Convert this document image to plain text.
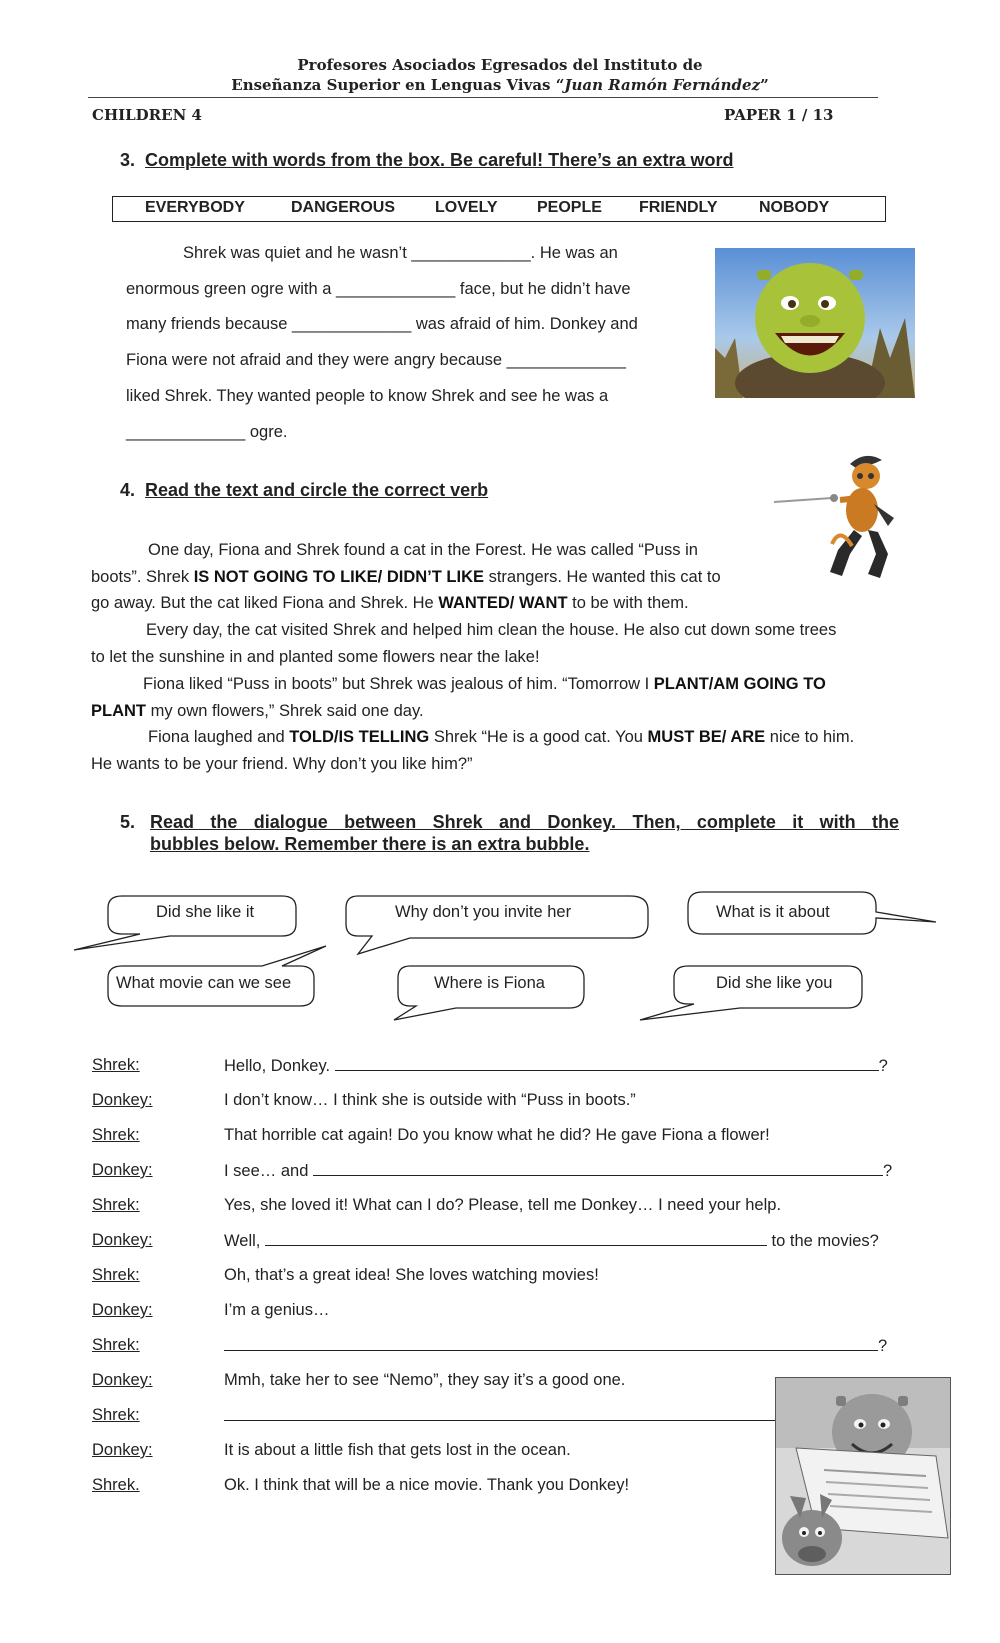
Profesores Asociados Egresados del Instituto de
Enseñanza Superior en Lenguas Vivas “Juan Ramón Fernández”
CHILDREN 4	PAPER 1 / 13
3. Complete with words from the box. Be careful! There’s an extra word
EVERYBODY	DANGEROUS LOVELY PEOPLE FRIENDLY	NOBODY
Shrek was quiet and he wasn’t _____________. He was an
enormous green ogre with a _____________ face, but he didn’t have
many friends because _____________ was afraid of him. Donkey and
Fiona were not afraid and they were angry because _____________
liked Shrek. They wanted people to know Shrek and see he was a
_____________ ogre.
4. Read the text and circle the correct verb
One day, Fiona and Shrek found a cat in the Forest. He was called “Puss in
boots”. Shrek IS NOT GOING TO LIKE/ DIDN’T LIKE strangers. He wanted this cat to
go away. But the cat liked Fiona and Shrek. He WANTED/ WANT to be with them.
Every day, the cat visited Shrek and helped him clean the house. He also cut down some trees
to let the sunshine in and planted some flowers near the lake!
Fiona liked “Puss in boots” but Shrek was jealous of him. “Tomorrow I PLANT/AM GOING TO
PLANT my own flowers,” Shrek said one day.
Fiona laughed and TOLD/IS TELLING Shrek “He is a good cat. You MUST BE/ ARE nice to him.
He wants to be your friend. Why don’t you like him?”
5. Read the dialogue between Shrek and Donkey. Then, complete it with the
bubbles below. Remember there is an extra bubble.
Did she like it	Why don’t you invite her	What is it about
What movie can we see	Where is Fiona	Did she like you
Shrek:	Hello, Donkey.	?
Donkey:	I don’t know… I think she is outside with “Puss in boots.”
Shrek:	That horrible cat again! Do you know what he did? He gave Fiona a flower!
Donkey:	I see… and	?
Shrek:	Yes, she loved it! What can I do? Please, tell me Donkey… I need your help.
Donkey:	Well,	to the movies?
Shrek:	Oh, that’s a great idea! She loves watching movies!
Donkey:	I’m a genius…
Shrek:	?
Donkey:	Mmh, take her to see “Nemo”, they say it’s a good one.
Shrek:
Donkey:	It is about a little fish that gets lost in the ocean.
Shrek.	Ok. I think that will be a nice movie. Thank you Donkey!
